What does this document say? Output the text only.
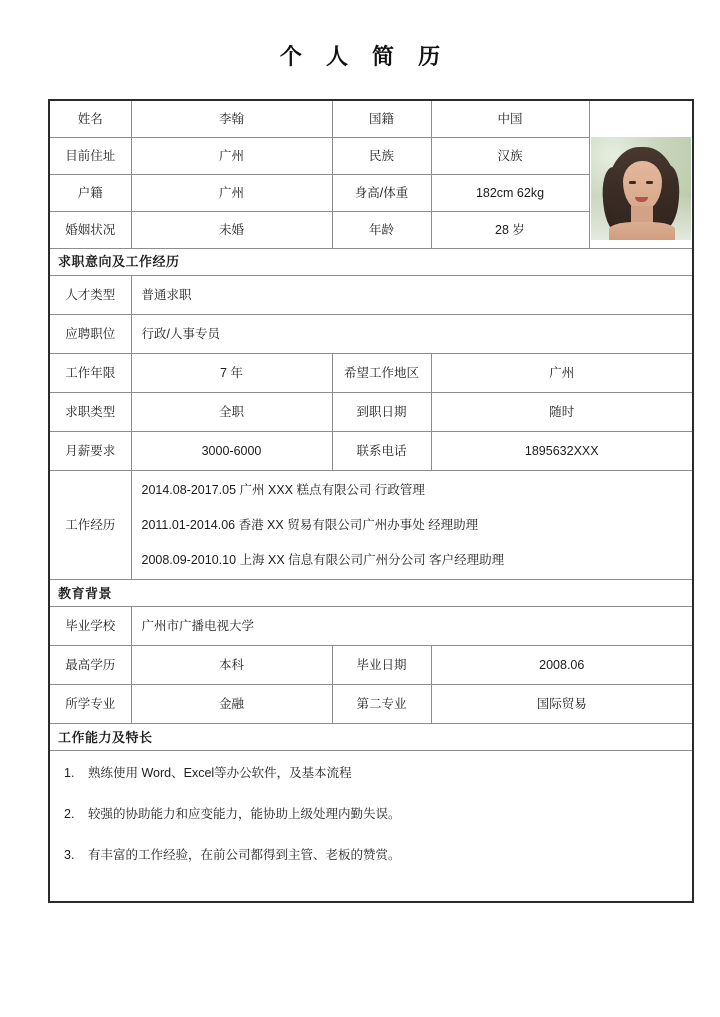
个 人 简 历
姓名	李翰	国籍	中国	

目前住址	广州	民族	汉族	
户籍	广州	身高/体重	182cm 62kg	
婚姻状况	未婚	年龄	28 岁	
求职意向及工作经历				
人才类型	普通求职			
应聘职位	行政/人事专员			
工作年限	7 年	希望工作地区	广州	
求职类型	全职	到职日期	随时	
月薪要求	3000-6000	联系电话	1895632XXX	
工作经历	2014.08-2017.05 广州 XXX 糕点有限公司 行政管理
2011.01-2014.06 香港 XX 贸易有限公司广州办事处 经理助理
2008.09-2010.10 上海 XX 信息有限公司广州分公司 客户经理助理			

教育背景				
毕业学校	广州市广播电视大学			
最高学历	本科	毕业日期	2008.06	
所学专业	金融	第二专业	国际贸易	
工作能力及特长				

1.	熟练使用 Word、Excel等办公软件，及基本流程
2.	较强的协助能力和应变能力，能协助上级处理内勤失误。
3.	有丰富的工作经验，在前公司都得到主管、老板的赞赏。
